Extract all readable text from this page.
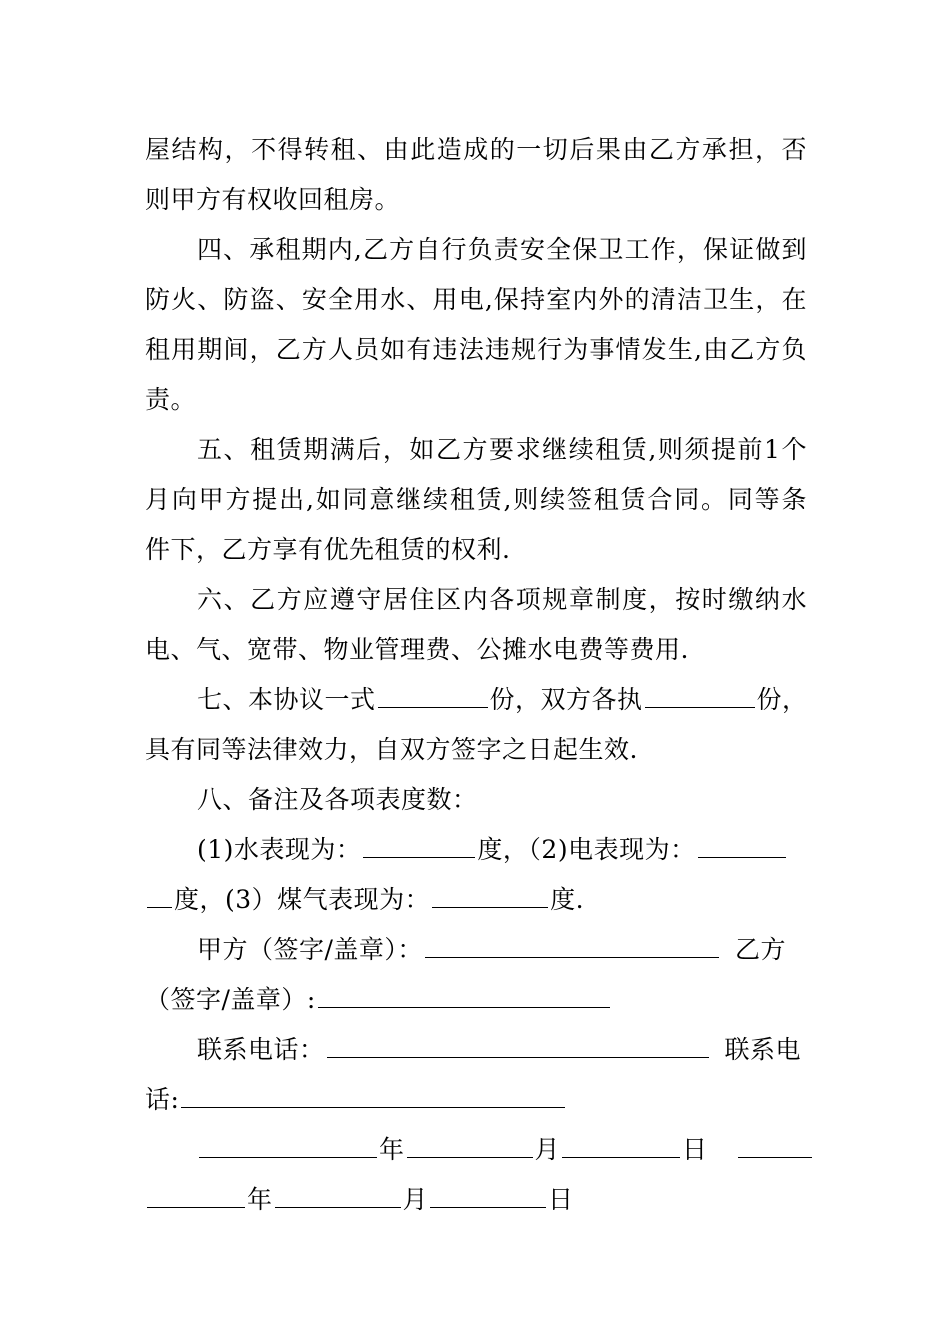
屋结构，不得转租、由此造成的一切后果由乙方承担，否
则甲方有权收回租房。
四、承租期内,乙方自行负责安全保卫工作，保证做到
防火、防盗、安全用水、用电,保持室内外的清洁卫生，在
租用期间，乙方人员如有违法违规行为事情发生,由乙方负
责。
五、租赁期满后，如乙方要求继续租赁,则须提前1个
月向甲方提出,如同意继续租赁,则续签租赁合同。同等条
件下，乙方享有优先租赁的权利.
六、乙方应遵守居住区内各项规章制度，按时缴纳水
电、气、宽带、物业管理费、公摊水电费等费用.
七、本协议一式	份，双方各执	份，
具有同等法律效力，自双方签字之日起生效.
八、备注及各项表度数：
(1)水表现为：	度，（2)电表现为：
度，(3）煤气表现为：	度.
甲方（签字/盖章）：	乙方
（签字/盖章）:
联系电话：	联系电
话:
年	月	日
年	月	日
